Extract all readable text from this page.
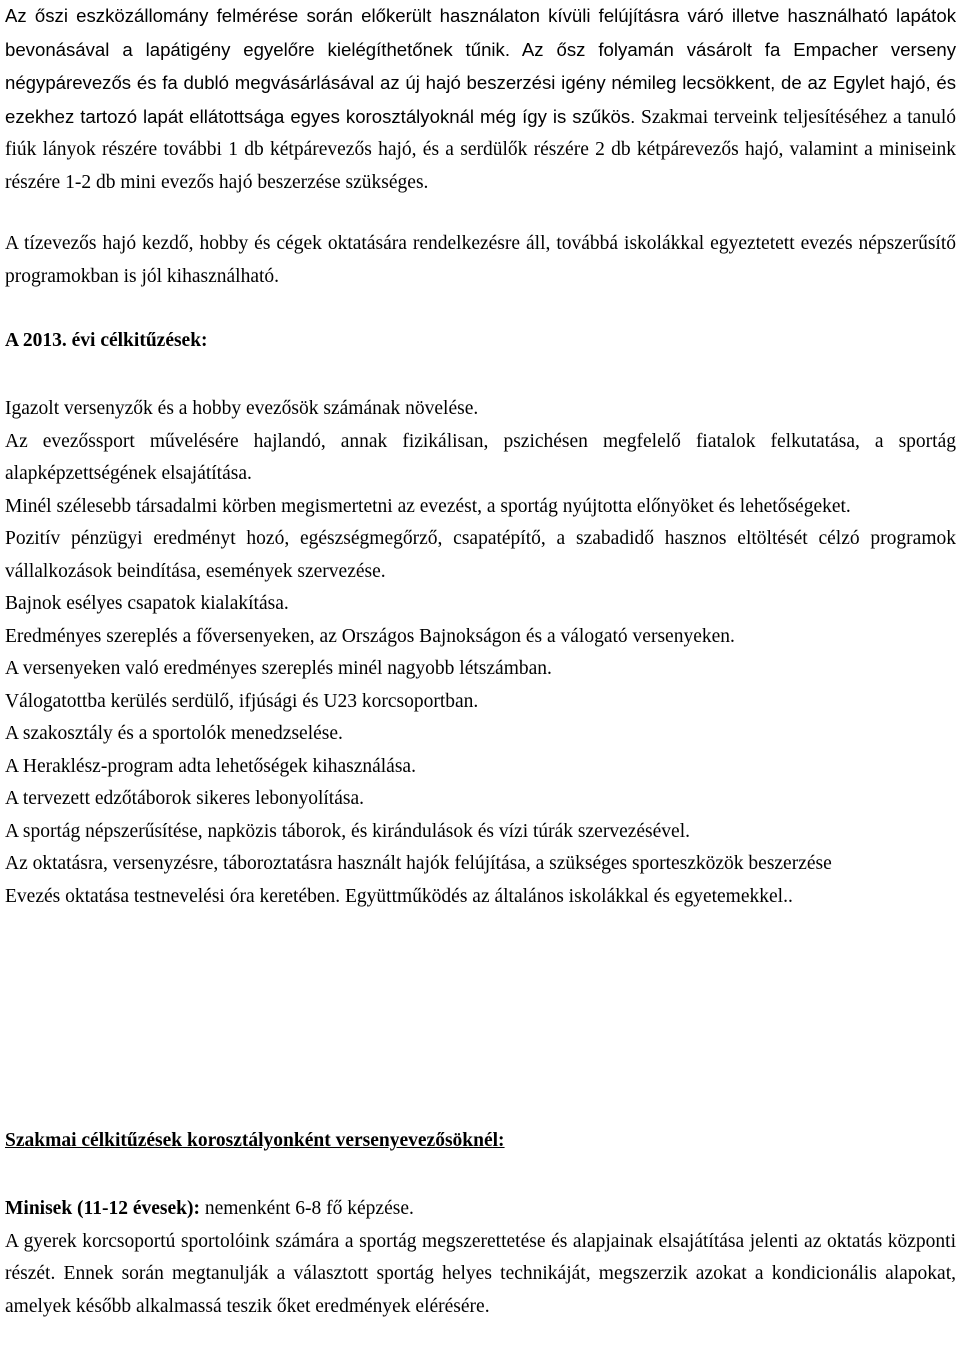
Az őszi eszközállomány felmérése során előkerült használaton kívüli felújításra váró illetve használható lapátok bevonásával a lapátigény egyelőre kielégíthetőnek tűnik. Az ősz folyamán vásárolt fa Empacher verseny négypárevezős és fa dubló megvásárlásával az új hajó beszerzési igény némileg lecsökkent, de az Egylet hajó, és ezekhez tartozó lapát ellátottsága egyes korosztályoknál még így is szűkös. Szakmai terveink teljesítéséhez a tanuló fiúk lányok részére további 1 db kétpárevezős hajó, és a serdülők részére 2 db kétpárevezős hajó, valamint a miniseink részére 1-2 db mini evezős hajó beszerzése szükséges.

A tízevezős hajó kezdő, hobby és cégek oktatására rendelkezésre áll, továbbá iskolákkal egyeztetett evezés népszerűsítő programokban is jól kihasználható.

A 2013. évi célkitűzések:

Igazolt versenyzők és a hobby evezősök számának növelése.

Az evezőssport művelésére hajlandó, annak fizikálisan, pszichésen megfelelő fiatalok felkutatása, a sportág alapképzettségének elsajátítása.

Minél szélesebb társadalmi körben megismertetni az evezést, a sportág nyújtotta előnyöket és lehetőségeket.

Pozitív pénzügyi eredményt hozó, egészségmegőrző, csapatépítő, a szabadidő hasznos eltöltését célzó programok vállalkozások beindítása, események szervezése.

Bajnok esélyes csapatok kialakítása.

Eredményes szereplés a főversenyeken, az Országos Bajnokságon és a válogató versenyeken.

A versenyeken való eredményes szereplés minél nagyobb létszámban.

Válogatottba kerülés serdülő, ifjúsági és U23 korcsoportban.

A szakosztály és a sportolók menedzselése.

A Heraklész-program adta lehetőségek kihasználása.

A tervezett edzőtáborok sikeres lebonyolítása.

A sportág népszerűsítése, napközis táborok, és kirándulások és vízi túrák szervezésével.

Az oktatásra, versenyzésre, táboroztatásra használt hajók felújítása, a szükséges sporteszközök beszerzése

Evezés oktatása testnevelési óra keretében. Együttműködés az általános iskolákkal és egyetemekkel..

Szakmai célkitűzések korosztályonként versenyevezősöknél:

Minisek (11-12 évesek): nemenként 6-8 fő képzése.

A gyerek korcsoportú sportolóink számára a sportág megszerettetése és alapjainak elsajátítása jelenti az oktatás központi részét. Ennek során megtanulják a választott sportág helyes technikáját, megszerzik azokat a kondicionális alapokat, amelyek később alkalmassá teszik őket eredmények elérésére.
